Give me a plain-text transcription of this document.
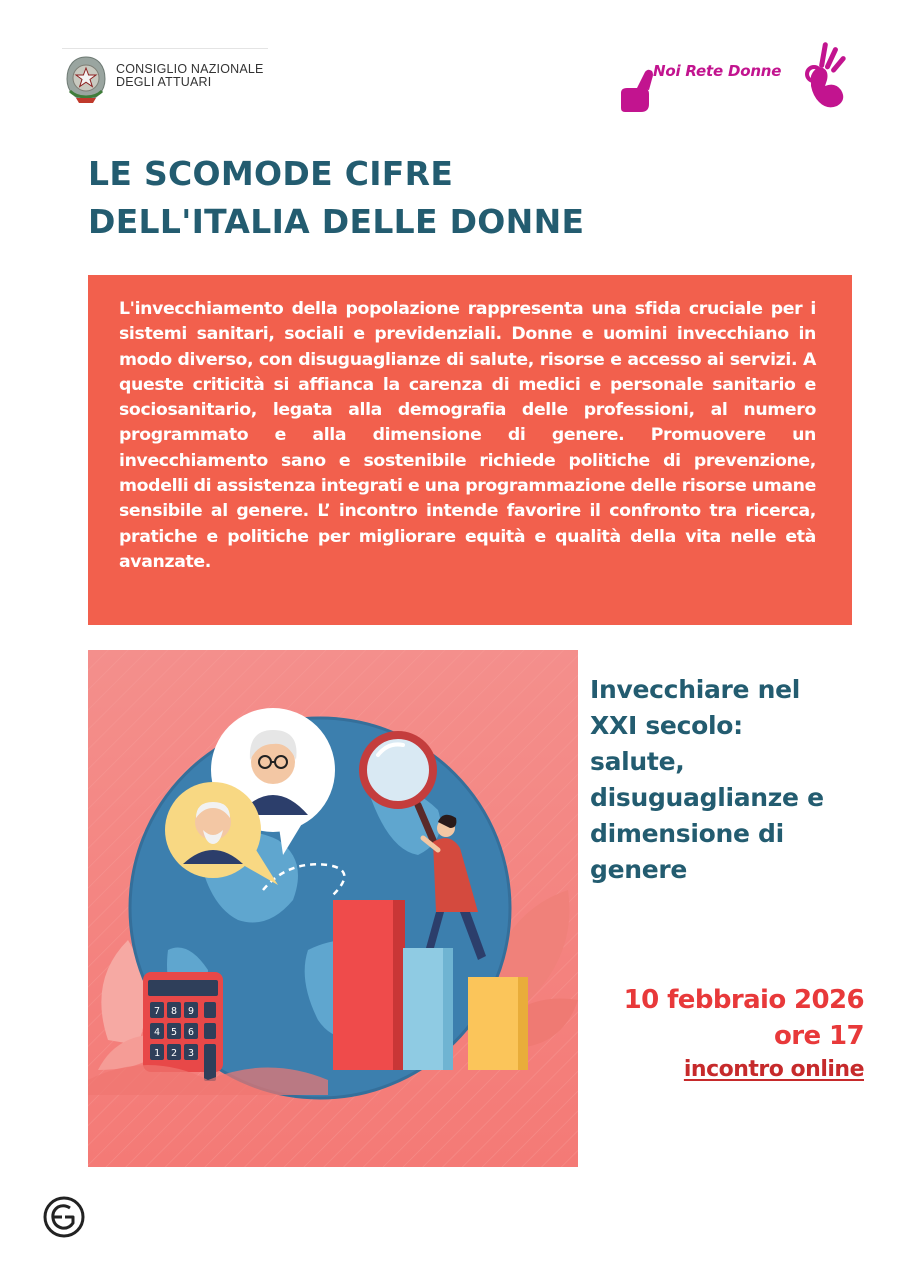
CONSIGLIO NAZIONALE
DEGLI ATTUARI
Noi Rete Donne
LE SCOMODE CIFRE
DELL'ITALIA DELLE DONNE

L'invecchiamento della popolazione rappresenta una sfida cruciale per i sistemi sanitari, sociali e previdenziali. Donne e uomini invecchiano in modo diverso, con disuguaglianze di salute, risorse e accesso ai servizi. A queste criticità si affianca la carenza di medici e personale sanitario e sociosanitario, legata alla demografia delle professioni, al numero programmato e alla dimensione di genere. Promuovere un invecchiamento sano e sostenibile richiede politiche di prevenzione, modelli di assistenza integrati e una programmazione delle risorse umane sensibile al genere. L’ incontro intende favorire il confronto tra ricerca, pratiche e politiche per migliorare equità e qualità della vita nelle età avanzate.

7 8 9
4 5 6
1 2 3
Invecchiare nel
XXI secolo:
salute,
disuguaglianze e
dimensione di
genere
10 febbraio 2026
ore 17
incontro online
